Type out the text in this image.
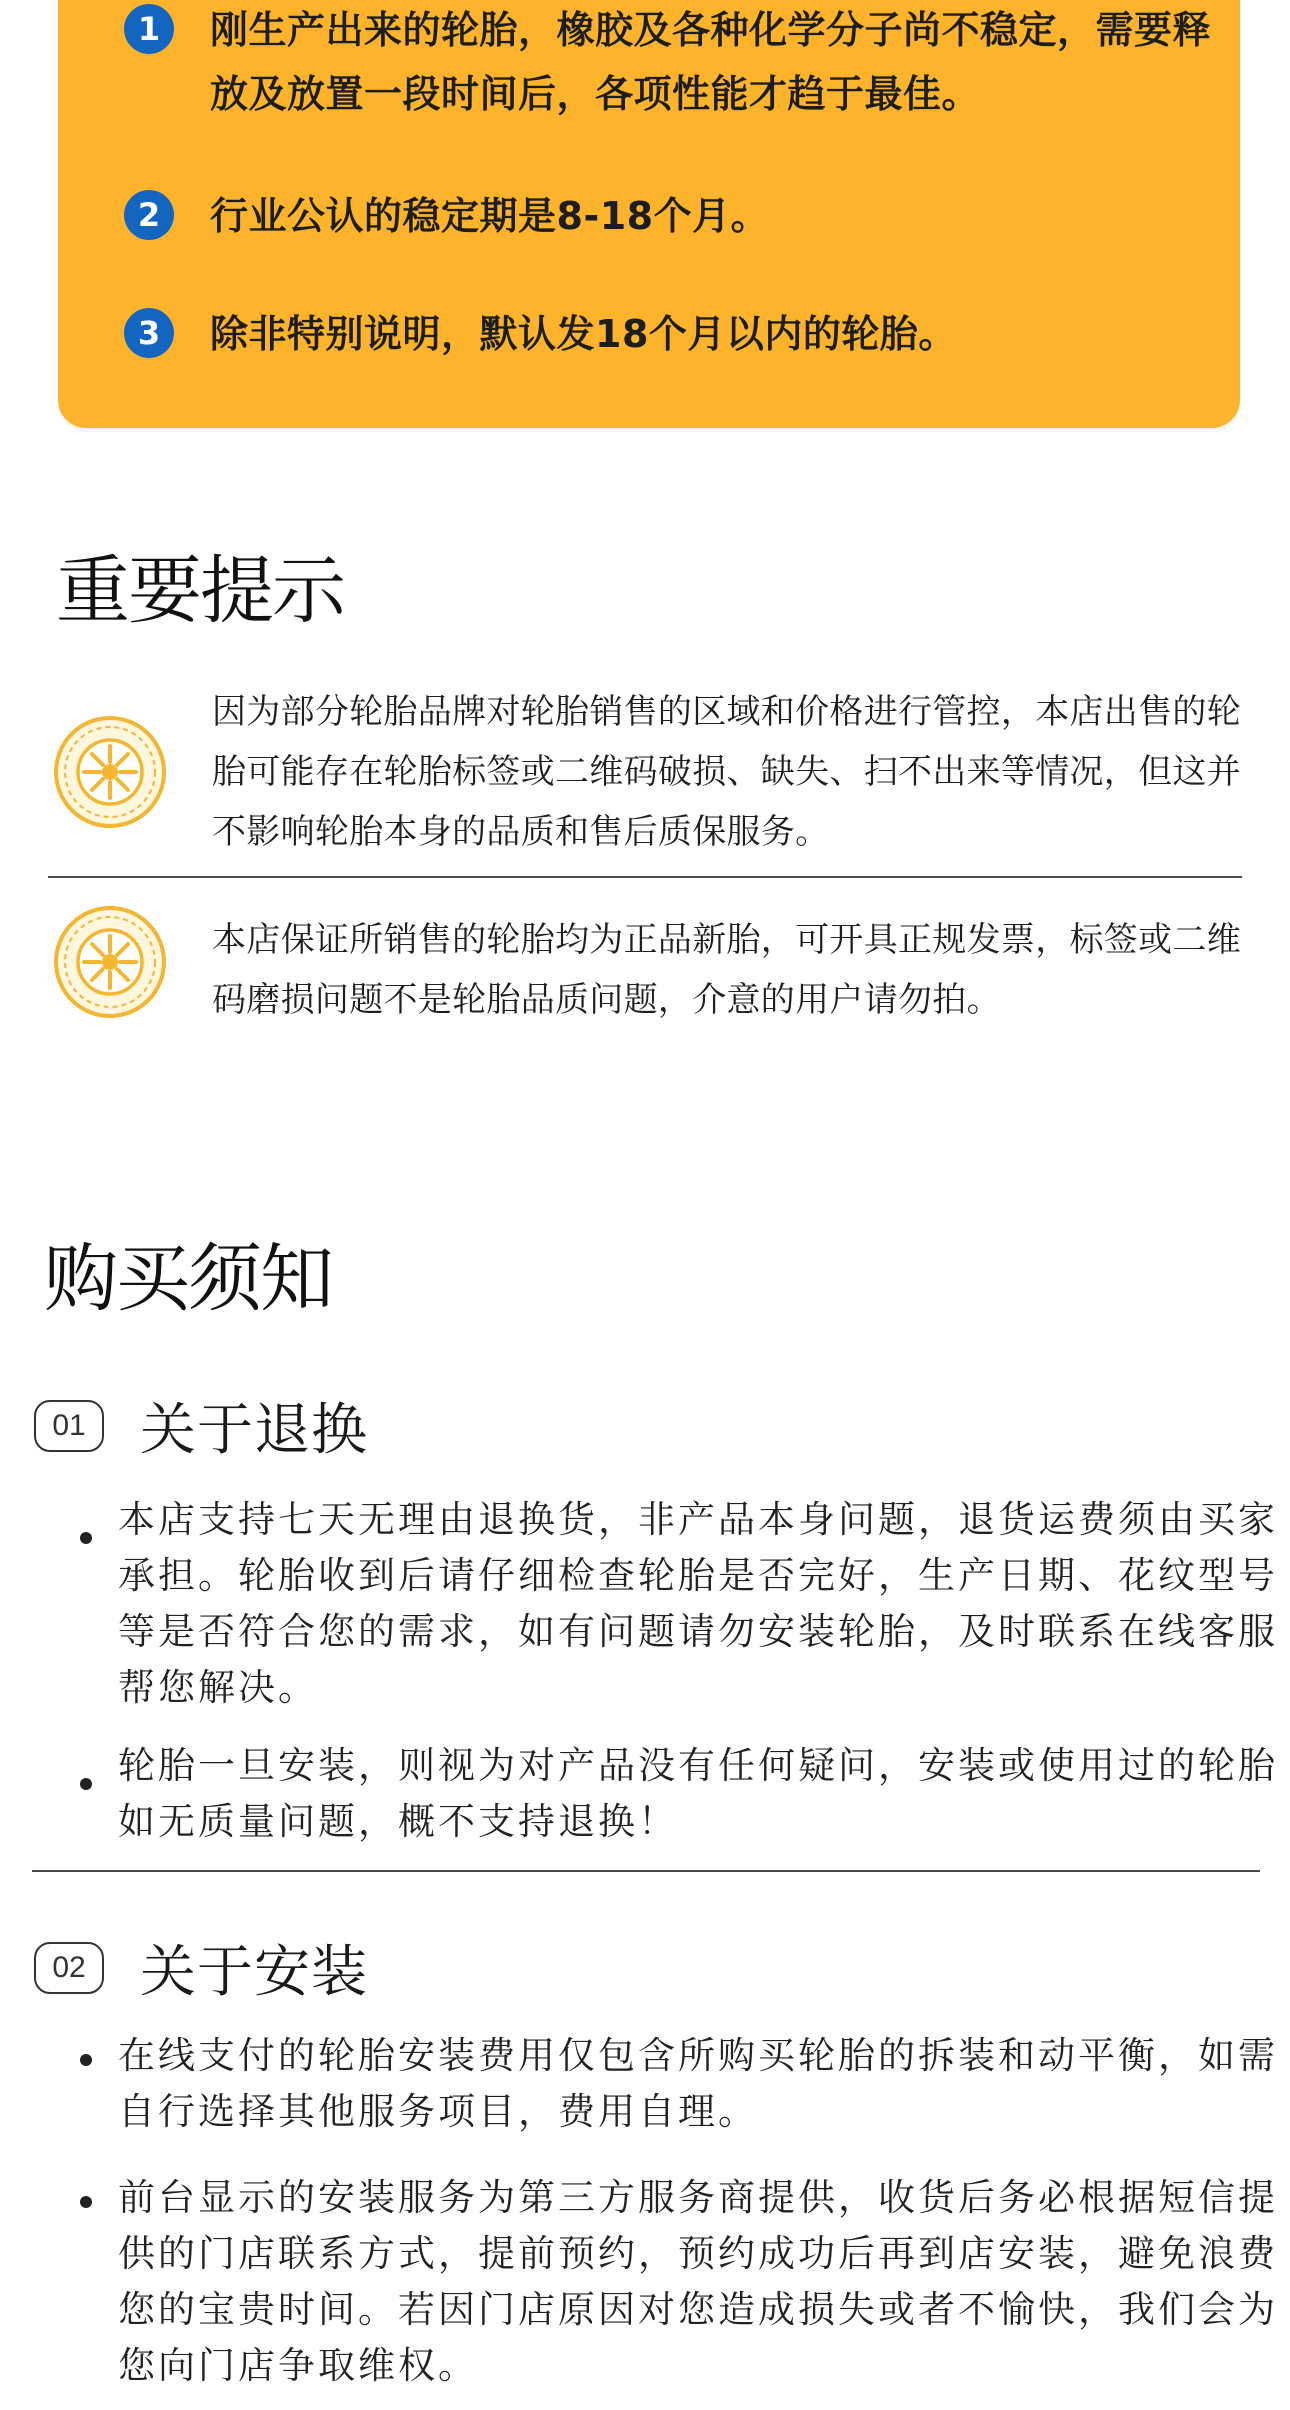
1	刚生产出来的轮胎，橡胶及各种化学分子尚不稳定，需要释放及放置一段时间后，各项性能才趋于最佳。
2	行业公认的稳定期是8-18个月。
3	除非特别说明，默认发18个月以内的轮胎。
重要提示
因为部分轮胎品牌对轮胎销售的区域和价格进行管控，本店出售的轮胎可能存在轮胎标签或二维码破损、缺失、扫不出来等情况，但这并不影响轮胎本身的品质和售后质保服务。
本店保证所销售的轮胎均为正品新胎，可开具正规发票，标签或二维码磨损问题不是轮胎品质问题，介意的用户请勿拍。
购买须知
01 关于退换
本店支持七天无理由退换货，非产品本身问题，退货运费须由买家承担。轮胎收到后请仔细检查轮胎是否完好，生产日期、花纹型号等是否符合您的需求，如有问题请勿安装轮胎，及时联系在线客服帮您解决。
轮胎一旦安装，则视为对产品没有任何疑问，安装或使用过的轮胎如无质量问题，概不支持退换！
02 关于安装
在线支付的轮胎安装费用仅包含所购买轮胎的拆装和动平衡，如需自行选择其他服务项目，费用自理。
前台显示的安装服务为第三方服务商提供，收货后务必根据短信提供的门店联系方式，提前预约，预约成功后再到店安装，避免浪费您的宝贵时间。若因门店原因对您造成损失或者不愉快，我们会为您向门店争取维权。
